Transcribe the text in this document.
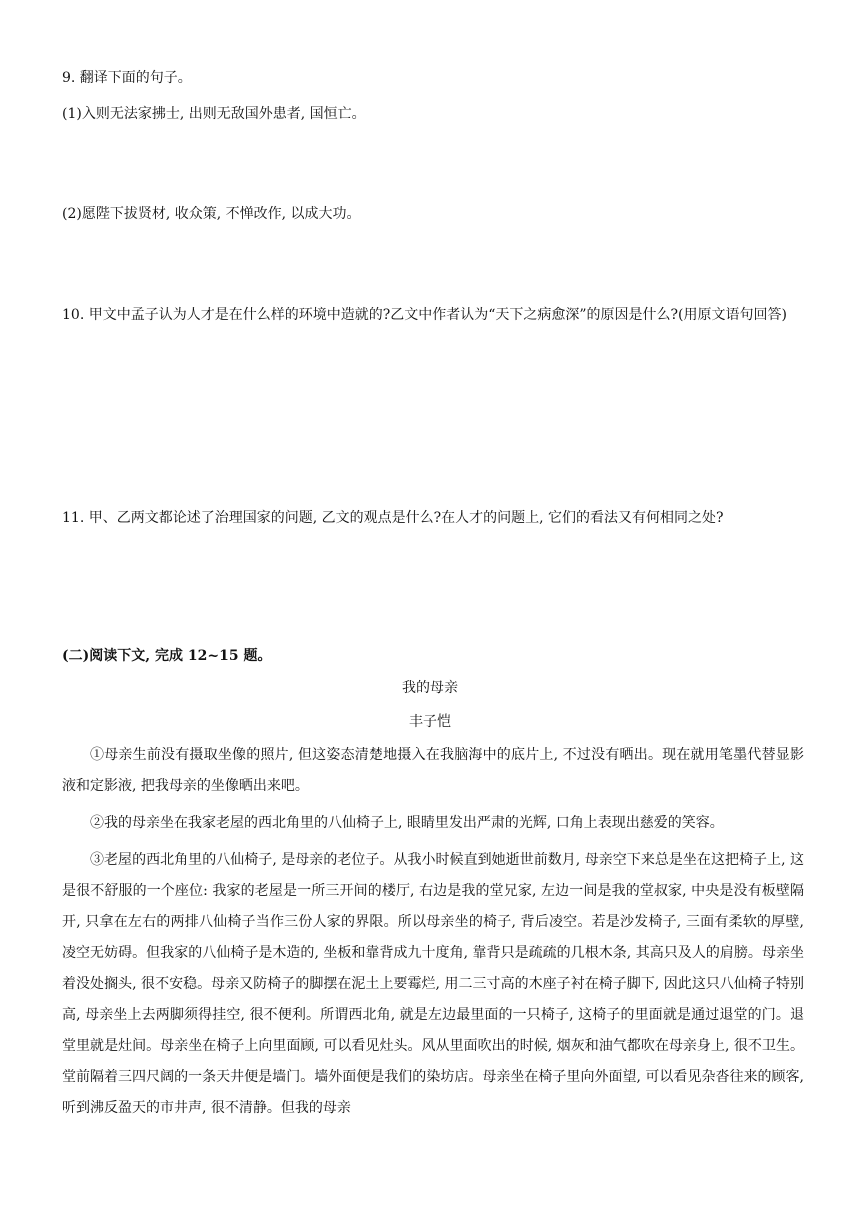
9. 翻译下面的句子。
(1)入则无法家拂士, 出则无敌国外患者, 国恒亡。
(2)愿陛下拔贤材, 收众策, 不惮改作, 以成大功。
10. 甲文中孟子认为人才是在什么样的环境中造就的?乙文中作者认为“天下之病愈深”的原因是什么?(用原文语句回答)
11. 甲、乙两文都论述了治理国家的问题, 乙文的观点是什么?在人才的问题上, 它们的看法又有何相同之处?
(二)阅读下文, 完成 12~15 题。
我的母亲
丰子恺
①母亲生前没有摄取坐像的照片, 但这姿态清楚地摄入在我脑海中的底片上, 不过没有晒出。现在就用笔墨代替显影液和定影液, 把我母亲的坐像晒出来吧。
②我的母亲坐在我家老屋的西北角里的八仙椅子上, 眼睛里发出严肃的光辉, 口角上表现出慈爱的笑容。
③老屋的西北角里的八仙椅子, 是母亲的老位子。从我小时候直到她逝世前数月, 母亲空下来总是坐在这把椅子上, 这是很不舒服的一个座位: 我家的老屋是一所三开间的楼厅, 右边是我的堂兄家, 左边一间是我的堂叔家, 中央是没有板壁隔开, 只拿在左右的两排八仙椅子当作三份人家的界限。所以母亲坐的椅子, 背后凌空。若是沙发椅子, 三面有柔软的厚壁, 凌空无妨碍。但我家的八仙椅子是木造的, 坐板和靠背成九十度角, 靠背只是疏疏的几根木条, 其高只及人的肩膀。母亲坐着没处搁头, 很不安稳。母亲又防椅子的脚摆在泥土上要霉烂, 用二三寸高的木座子衬在椅子脚下, 因此这只八仙椅子特别高, 母亲坐上去两脚须得挂空, 很不便利。所谓西北角, 就是左边最里面的一只椅子, 这椅子的里面就是通过退堂的门。退堂里就是灶间。母亲坐在椅子上向里面顾, 可以看见灶头。风从里面吹出的时候, 烟灰和油气都吹在母亲身上, 很不卫生。堂前隔着三四尺阔的一条天井便是墙门。墙外面便是我们的染坊店。母亲坐在椅子里向外面望, 可以看见杂沓往来的顾客, 听到沸反盈天的市井声, 很不清静。但我的母亲
